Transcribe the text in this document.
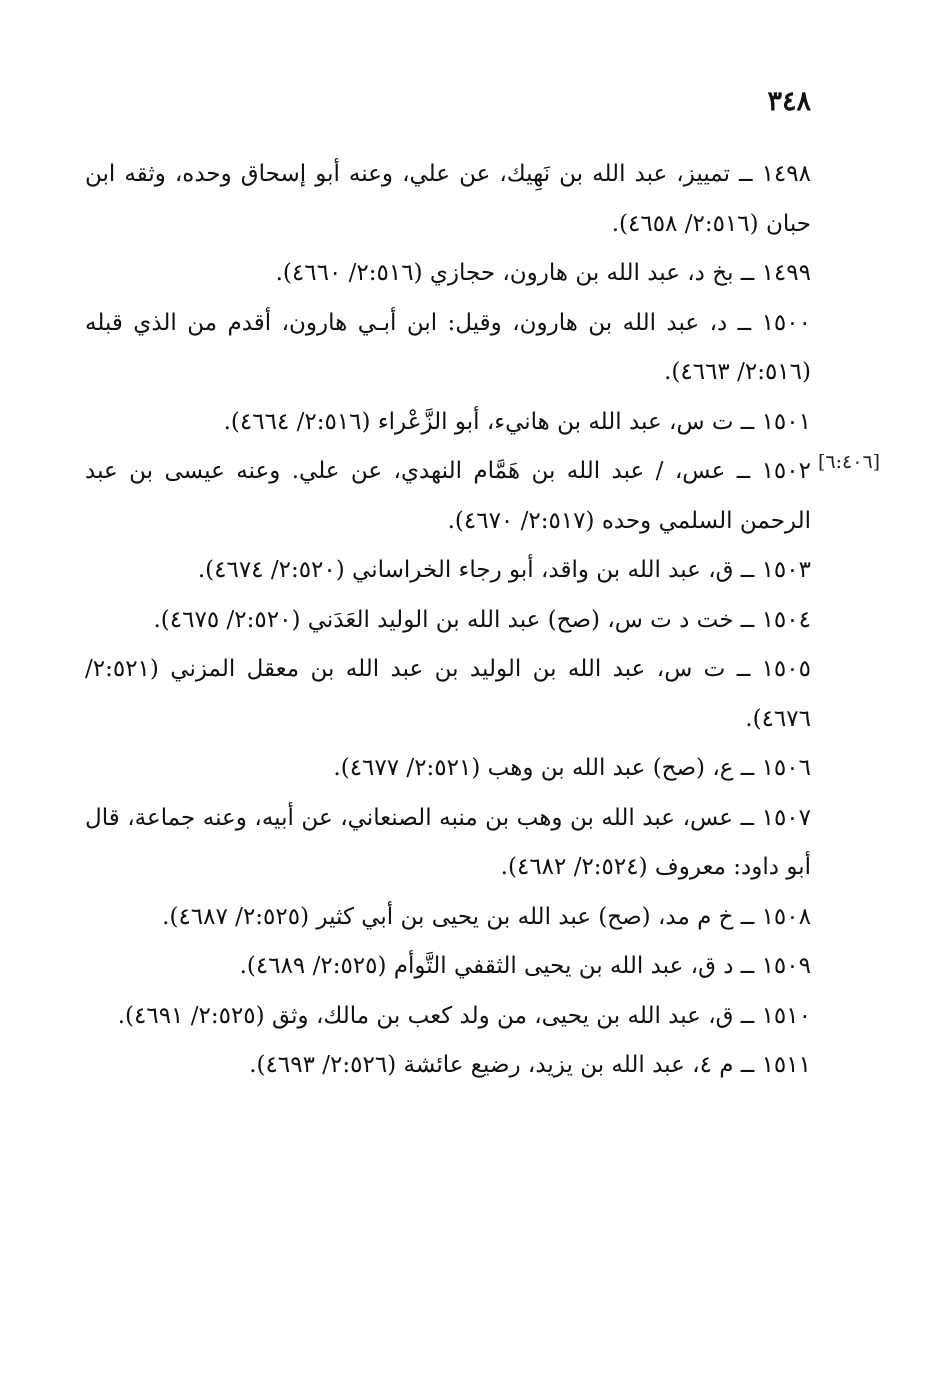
٣٤٨
[٦:٤٠٦]

١٤٩٨ ــ تمييز، عبد الله بن نَهِيك، عن علي، وعنه أبو إسحاق وحده، وثقه ابن حبان (٢:٥١٦/ ٤٦٥٨).

١٤٩٩ ــ بخ د، عبد الله بن هارون، حجازي (٢:٥١٦/ ٤٦٦٠).

١٥٠٠ ــ د، عبد الله بن هارون، وقيل: ابن أبـي هارون، أقدم من الذي قبله (٢:٥١٦/ ٤٦٦٣).

١٥٠١ ــ ت س، عبد الله بن هانيء، أبو الزَّعْراء (٢:٥١٦/ ٤٦٦٤).

١٥٠٢ ــ عس، / عبد الله بن هَمَّام النهدي، عن علي. وعنه عيسى بن عبد الرحمن السلمي وحده (٢:٥١٧/ ٤٦٧٠).

١٥٠٣ ــ ق، عبد الله بن واقد، أبو رجاء الخراساني (٢:٥٢٠/ ٤٦٧٤).

١٥٠٤ ــ خت د ت س، (صح) عبد الله بن الوليد العَدَني (٢:٥٢٠/ ٤٦٧٥).

١٥٠٥ ــ ت س، عبد الله بن الوليد بن عبد الله بن معقل المزني (٢:٥٢١/ ٤٦٧٦).

١٥٠٦ ــ ع، (صح) عبد الله بن وهب (٢:٥٢١/ ٤٦٧٧).

١٥٠٧ ــ عس، عبد الله بن وهب بن منبه الصنعاني، عن أبيه، وعنه جماعة، قال أبو داود: معروف (٢:٥٢٤/ ٤٦٨٢).

١٥٠٨ ــ خ م مد، (صح) عبد الله بن يحيى بن أبي كثير (٢:٥٢٥/ ٤٦٨٧).

١٥٠٩ ــ د ق، عبد الله بن يحيى الثقفي التَّوأم (٢:٥٢٥/ ٤٦٨٩).

١٥١٠ ــ ق، عبد الله بن يحيى، من ولد كعب بن مالك، وثق (٢:٥٢٥/ ٤٦٩١).

١٥١١ ــ م ٤، عبد الله بن يزيد، رضيع عائشة (٢:٥٢٦/ ٤٦٩٣).
